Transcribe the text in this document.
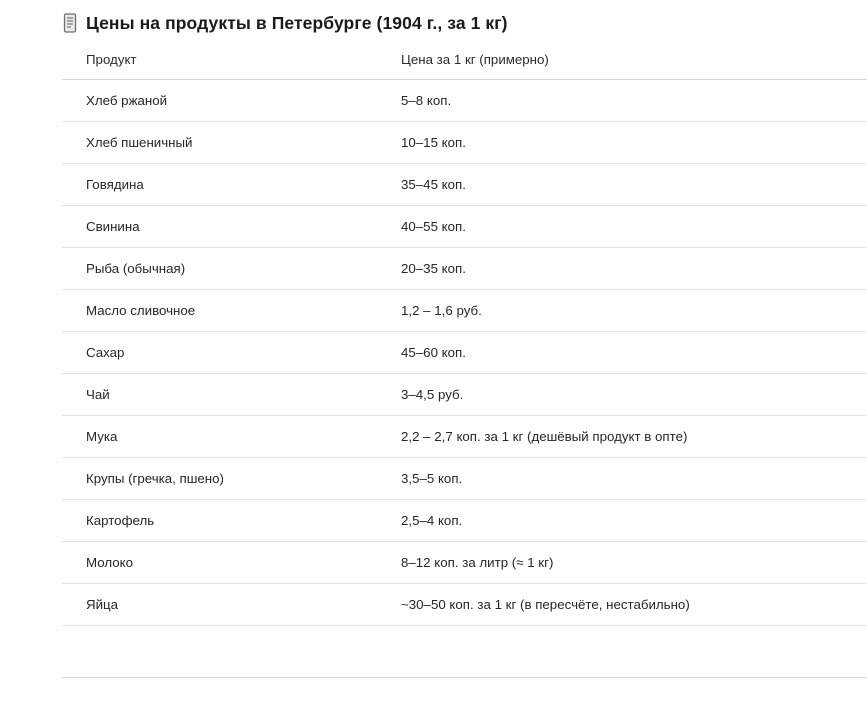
Цены на продукты в Петербурге (1904 г., за 1 кг)
Продукт	Цена за 1 кг (примерно)
Хлеб ржаной	5–8 коп.
Хлеб пшеничный	10–15 коп.
Говядина	35–45 коп.
Свинина	40–55 коп.
Рыба (обычная)	20–35 коп.
Масло сливочное	1,2 – 1,6 руб.
Сахар	45–60 коп.
Чай	3–4,5 руб.
Мука	2,2 – 2,7 коп. за 1 кг (дешёвый продукт в опте)
Крупы (гречка, пшено)	3,5–5 коп.
Картофель	2,5–4 коп.
Молоко	8–12 коп. за литр (≈ 1 кг)
Яйца	~30–50 коп. за 1 кг (в пересчёте, нестабильно)
